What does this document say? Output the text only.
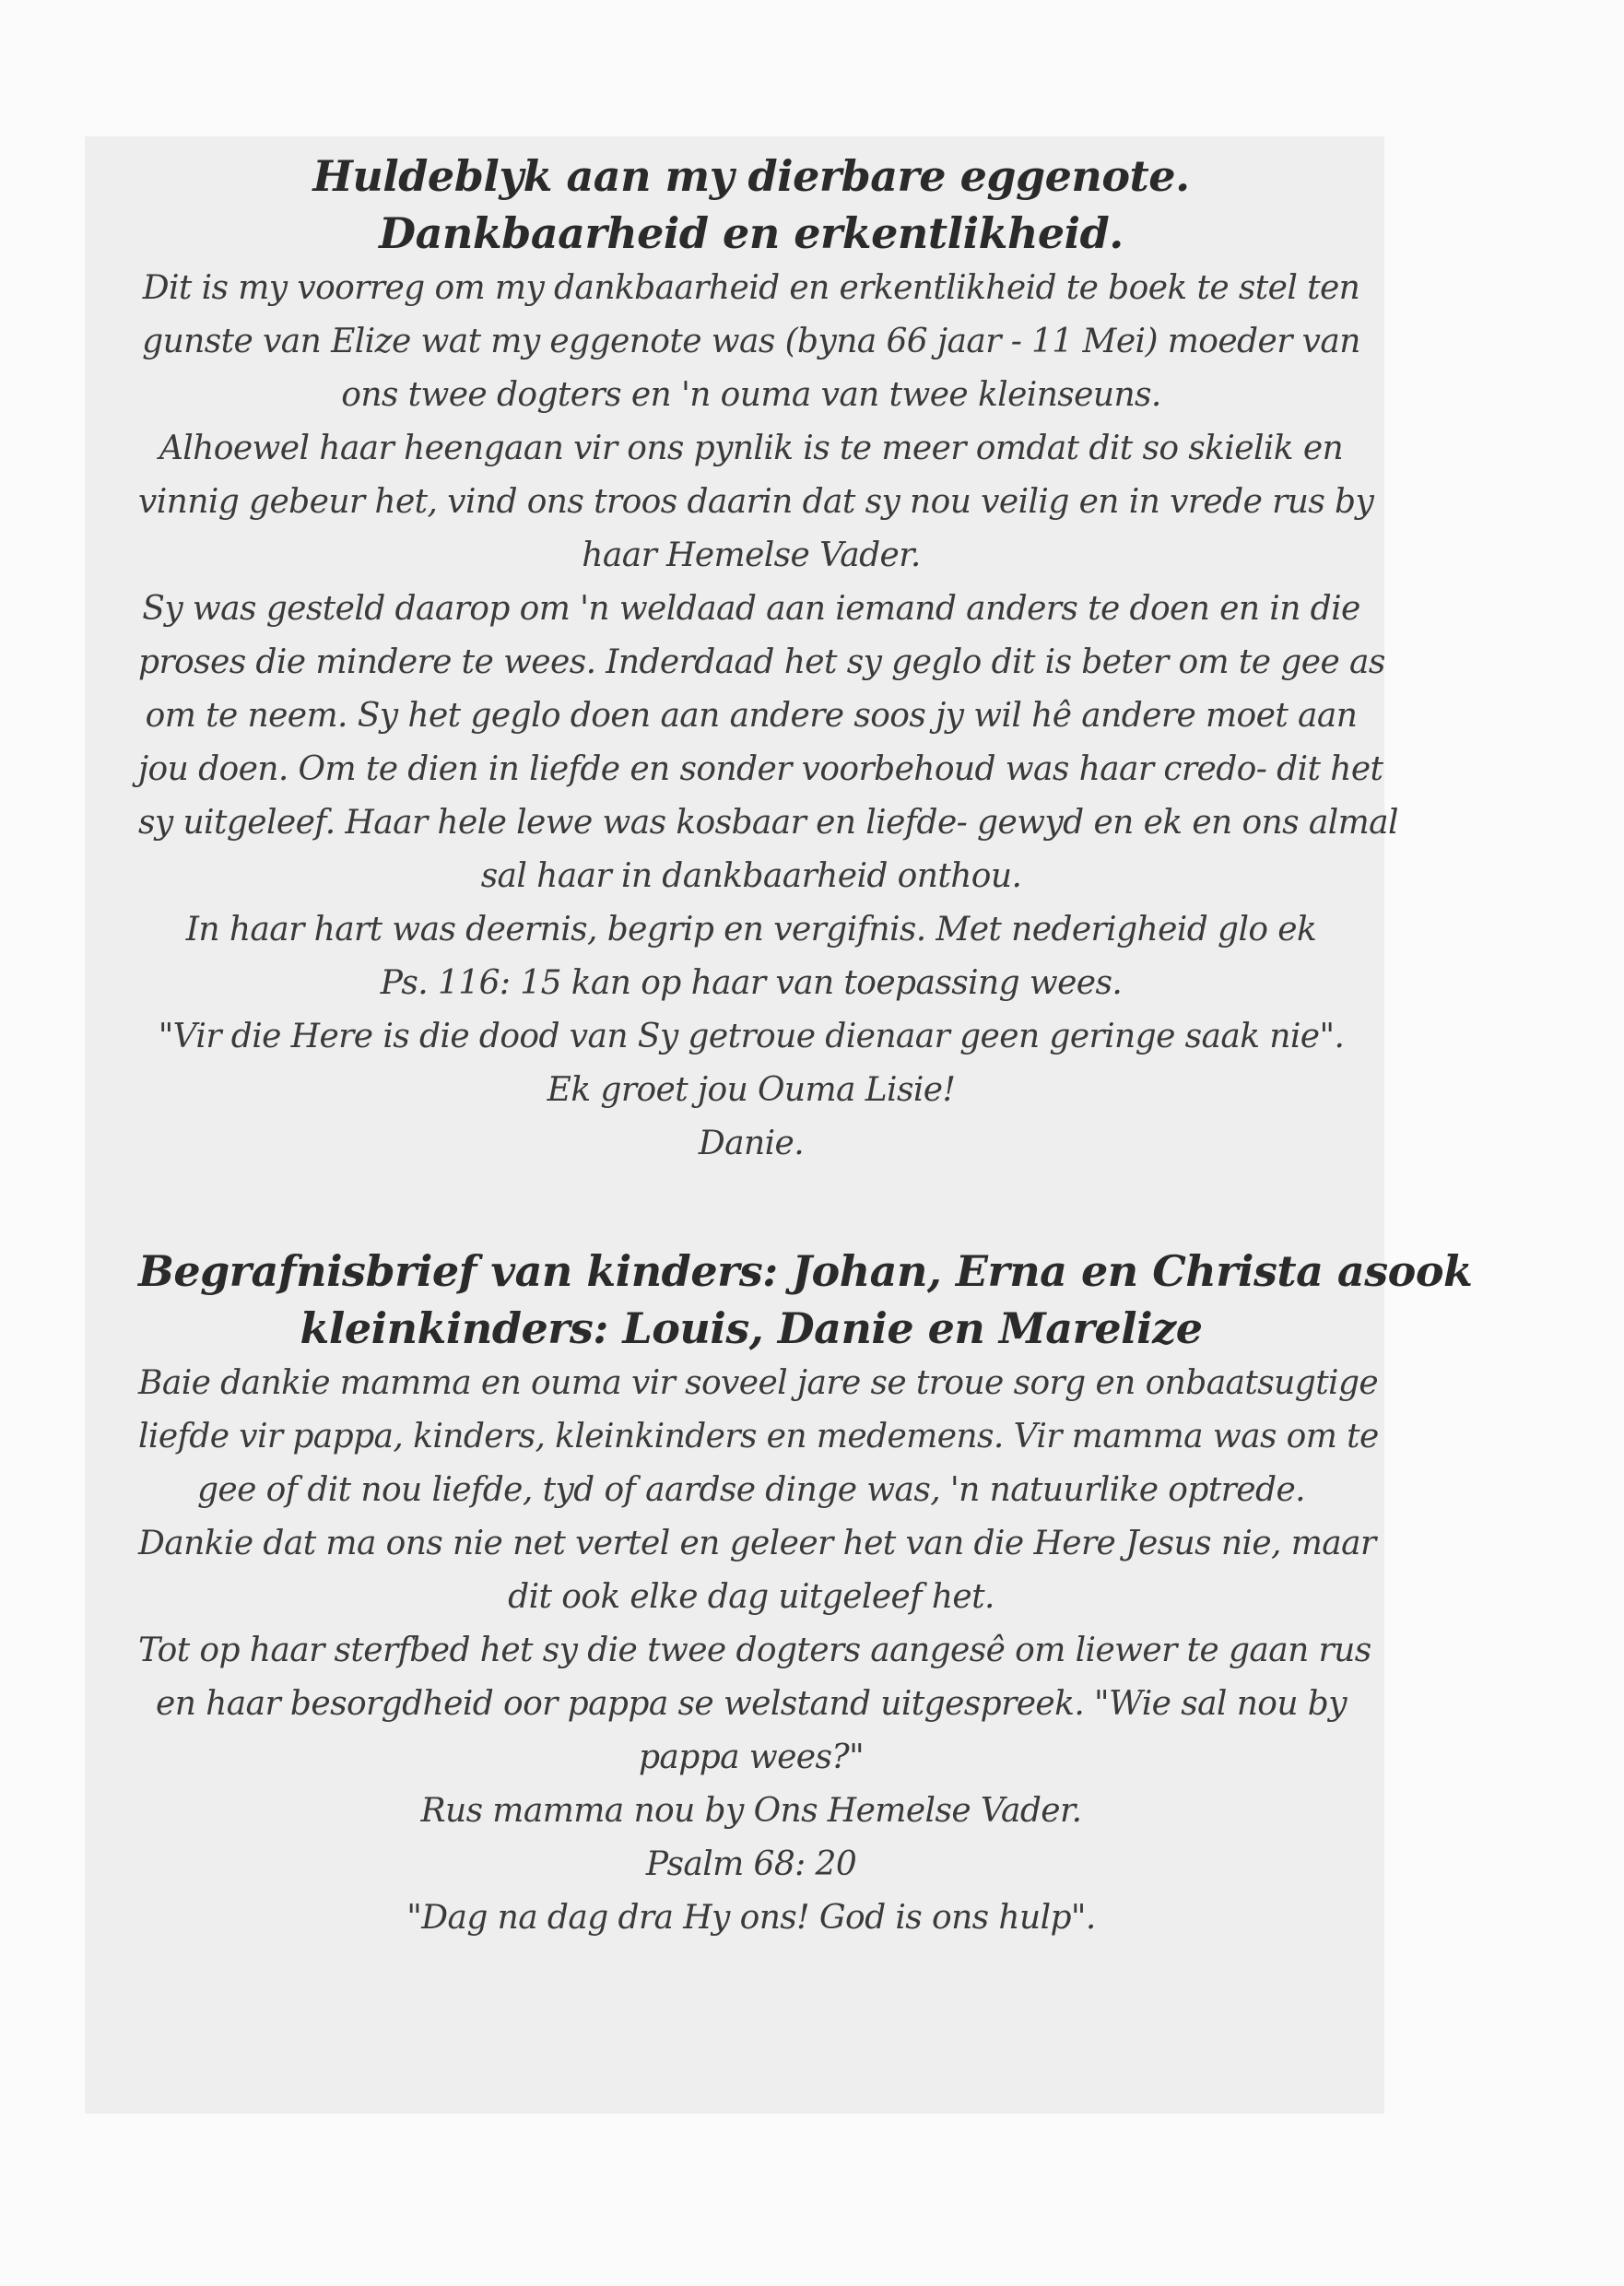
Huldeblyk aan my dierbare eggenote.
Dankbaarheid en erkentlikheid.

Dit is my voorreg om my dankbaarheid en erkentlikheid te boek te stel ten
gunste van Elize wat my eggenote was (byna 66 jaar - 11 Mei) moeder van
ons twee dogters en 'n ouma van twee kleinseuns.
Alhoewel haar heengaan vir ons pynlik is te meer omdat dit so skielik en
vinnig gebeur het, vind ons troos daarin dat sy nou veilig en in vrede rus by
haar Hemelse Vader.
Sy was gesteld daarop om 'n weldaad aan iemand anders te doen en in die
proses die mindere te wees. Inderdaad het sy geglo dit is beter om te gee as
om te neem. Sy het geglo doen aan andere soos jy wil hê andere moet aan
jou doen. Om te dien in liefde en sonder voorbehoud was haar credo- dit het
sy uitgeleef. Haar hele lewe was kosbaar en liefde- gewyd en ek en ons almal
sal haar in dankbaarheid onthou.
In haar hart was deernis, begrip en vergifnis. Met nederigheid glo ek
Ps. 116: 15 kan op haar van toepassing wees.
"Vir die Here is die dood van Sy getroue dienaar geen geringe saak nie".
Ek groet jou Ouma Lisie!
Danie.

Begrafnisbrief van kinders: Johan, Erna en Christa asook
kleinkinders: Louis, Danie en Marelize

Baie dankie mamma en ouma vir soveel jare se troue sorg en onbaatsugtige
liefde vir pappa, kinders, kleinkinders en medemens. Vir mamma was om te
gee of dit nou liefde, tyd of aardse dinge was, 'n natuurlike optrede.
Dankie dat ma ons nie net vertel en geleer het van die Here Jesus nie, maar
dit ook elke dag uitgeleef het.
Tot op haar sterfbed het sy die twee dogters aangesê om liewer te gaan rus
en haar besorgdheid oor pappa se welstand uitgespreek. "Wie sal nou by
pappa wees?"
Rus mamma nou by Ons Hemelse Vader.
Psalm 68: 20
"Dag na dag dra Hy ons! God is ons hulp".
